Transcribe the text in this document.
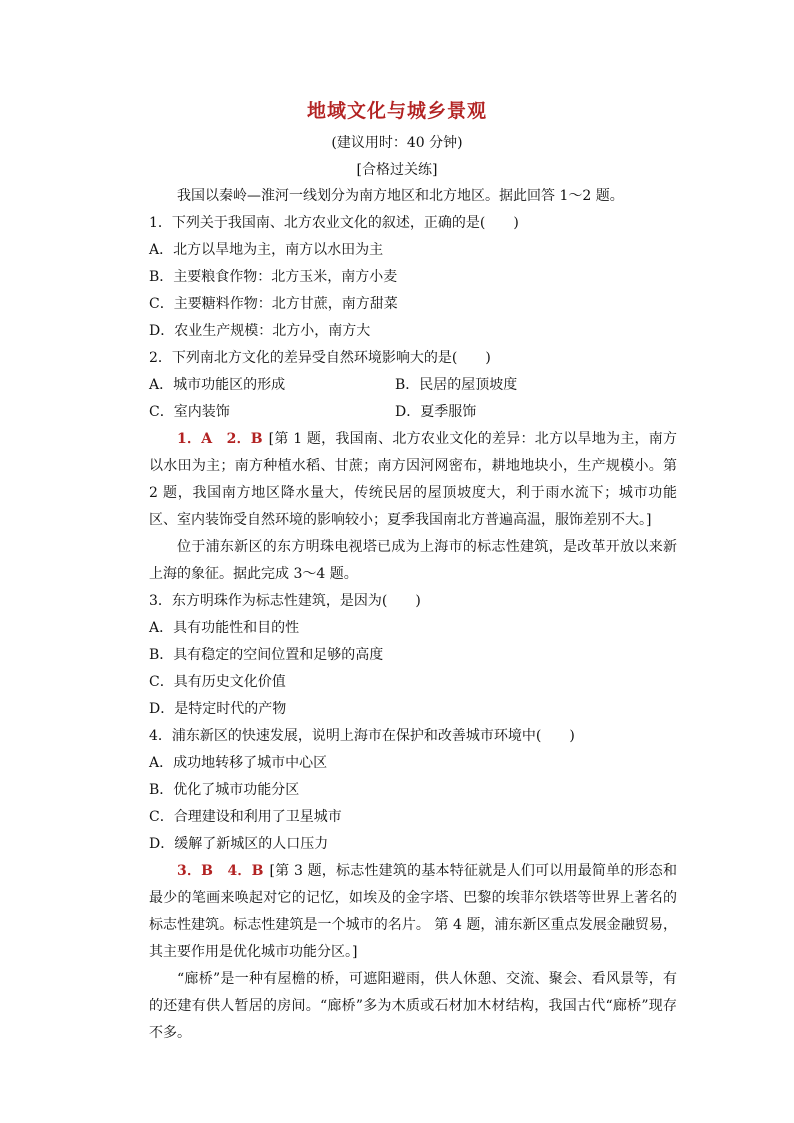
地域文化与城乡景观
(建议用时：40 分钟)
[合格过关练]

我国以秦岭—淮河一线划分为南方地区和北方地区。据此回答 1～2 题。

1．下列关于我国南、北方农业文化的叙述，正确的是(　　)

A．北方以旱地为主，南方以水田为主

B．主要粮食作物：北方玉米，南方小麦

C．主要糖料作物：北方甘蔗，南方甜菜

D．农业生产规模：北方小，南方大

2．下列南北方文化的差异受自然环境影响大的是(　　)

A．城市功能区的形成	B．民居的屋顶坡度
C．室内装饰	D．夏季服饰

1．A　2．B [第 1 题，我国南、北方农业文化的差异：北方以旱地为主，南方以水田为主；南方种植水稻、甘蔗；南方因河网密布，耕地地块小，生产规模小。第 2 题，我国南方地区降水量大，传统民居的屋顶坡度大，利于雨水流下；城市功能区、室内装饰受自然环境的影响较小；夏季我国南北方普遍高温，服饰差别不大。]

位于浦东新区的东方明珠电视塔已成为上海市的标志性建筑，是改革开放以来新上海的象征。据此完成 3～4 题。

3．东方明珠作为标志性建筑，是因为(　　)

A．具有功能性和目的性

B．具有稳定的空间位置和足够的高度

C．具有历史文化价值

D．是特定时代的产物

4．浦东新区的快速发展，说明上海市在保护和改善城市环境中(　　)

A．成功地转移了城市中心区

B．优化了城市功能分区

C．合理建设和利用了卫星城市

D．缓解了新城区的人口压力

3．B　4．B [第 3 题，标志性建筑的基本特征就是人们可以用最简单的形态和最少的笔画来唤起对它的记忆，如埃及的金字塔、巴黎的埃菲尔铁塔等世界上著名的标志性建筑。标志性建筑是一个城市的名片。 第 4 题，浦东新区重点发展金融贸易，其主要作用是优化城市功能分区。]

“廊桥”是一种有屋檐的桥，可遮阳避雨，供人休憩、交流、聚会、看风景等，有的还建有供人暂居的房间。“廊桥”多为木质或石材加木材结构，我国古代“廊桥”现存不多。
